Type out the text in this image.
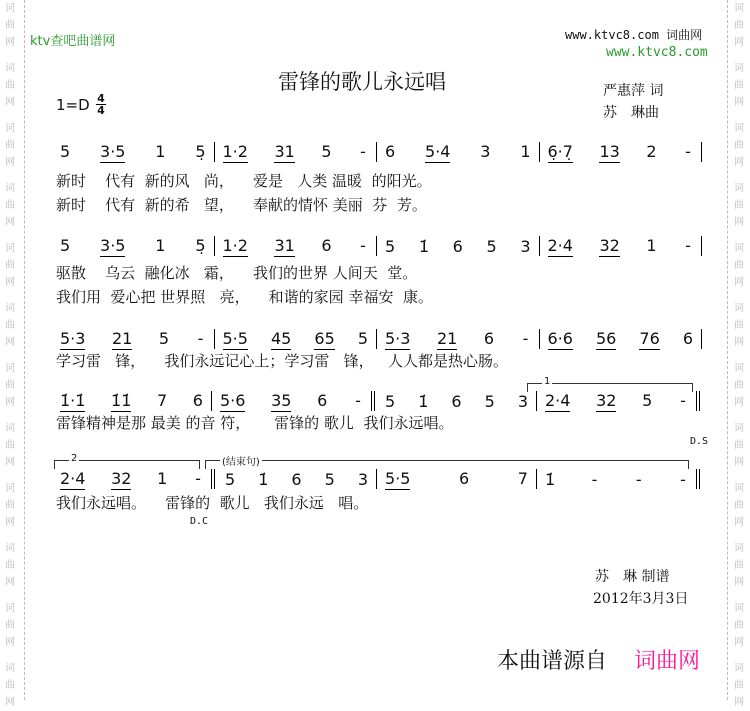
词
曲
网
词
曲
网
词
曲
网
词
曲
网
词
曲
网
词
曲
网
词
曲
网
词
曲
网
词
曲
网
词
曲
网
词
曲
网
词
曲
网
词
曲
网
词
曲
网
词
曲
网
词
曲
网
词
曲
网
词
曲
网
词
曲
网
词
曲
网
词
曲
网
词
曲
网
词
曲
网
词
曲
网
ktv查吧曲谱网	www.ktvc8.com 词曲网
www.ktvc8.com
雷锋的歌儿永远唱	严惠萍 词
苏　琳曲
1=D 4
4
5 3·5 1 5̣ 1·2 31 5 - 6 5·4 3 1 6̣·7̣ 13 2 -
新时    代有  新的风   尚，    爱是   人类 温暖  的阳光。
新时    代有  新的希   望，    奉献的情怀 美丽  芬  芳。
5 3·5 1 5̣ 1·2 31 6 - 5 1̇ 6 5 3 2·4 32 1 -
驱散    乌云  融化冰   霜，    我们的世界 人间天  堂。
我们用  爱心把 世界照   亮，    和谐的家园 幸福安  康。
5·3 21 5 - 5·5 45 65 5 5·3 21 6 - 6·6 56 76 6
学习雷   锋，    我们永远记心上；学习雷   锋，   人人都是热心肠。
1̇·1̇ 1̇1̇ 7 6 5·6 35 6 - 5 1̇ 6 5 3 2·4 32 5 -
雷锋精神是那 最美 的音 符，     雷锋的 歌儿  我们永远唱。
2·4 32 1 - 5 1̇ 6 5 3 5·5	6	7 1̇ - - -
我们永远唱。    雷锋的  歌儿   我们永远   唱。
1
2	(结束句)
D.S
D.C
苏　琳 制谱
2012年3月3日
本曲谱源自 词曲网
